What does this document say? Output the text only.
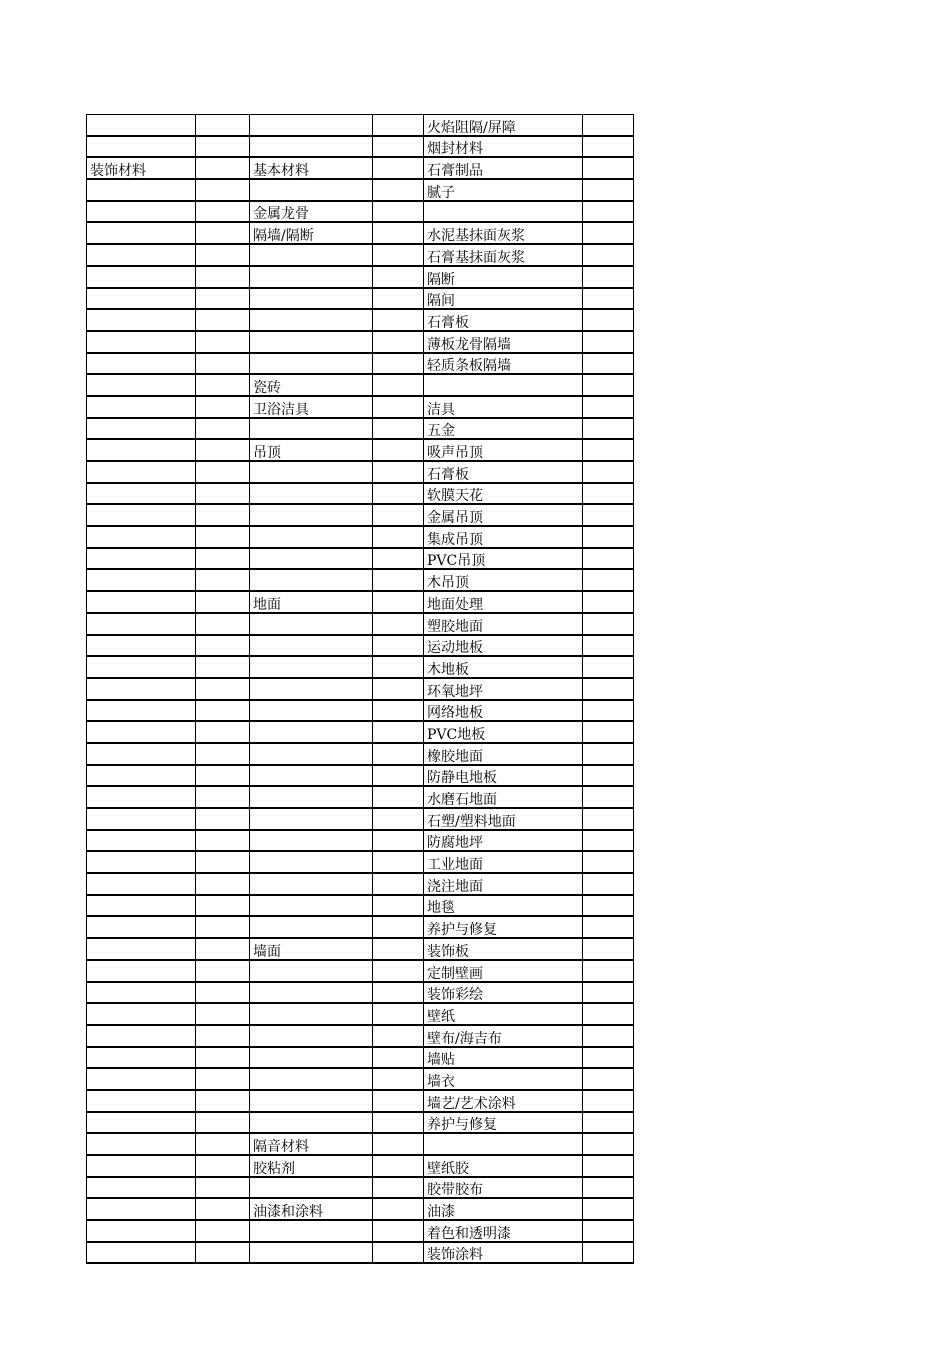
				火焰阻隔/屏障	
				烟封材料	
装饰材料		基本材料		石膏制品	
				腻子	
		金属龙骨			
		隔墙/隔断		水泥基抹面灰浆	
				石膏基抹面灰浆	
				隔断	
				隔间	
				石膏板	
				薄板龙骨隔墙	
				轻质条板隔墙	
		瓷砖			
		卫浴洁具		洁具	
				五金	
		吊顶		吸声吊顶	
				石膏板	
				软膜天花	
				金属吊顶	
				集成吊顶	
				PVC吊顶	
				木吊顶	
		地面		地面处理	
				塑胶地面	
				运动地板	
				木地板	
				环氧地坪	
				网络地板	
				PVC地板	
				橡胶地面	
				防静电地板	
				水磨石地面	
				石塑/塑料地面	
				防腐地坪	
				工业地面	
				浇注地面	
				地毯	
				养护与修复	
		墙面		装饰板	
				定制壁画	
				装饰彩绘	
				壁纸	
				壁布/海吉布	
				墙贴	
				墙衣	
				墙艺/艺术涂料	
				养护与修复	
		隔音材料			
		胶粘剂		壁纸胶	
				胶带胶布	
		油漆和涂料		油漆	
				着色和透明漆	
				装饰涂料	
